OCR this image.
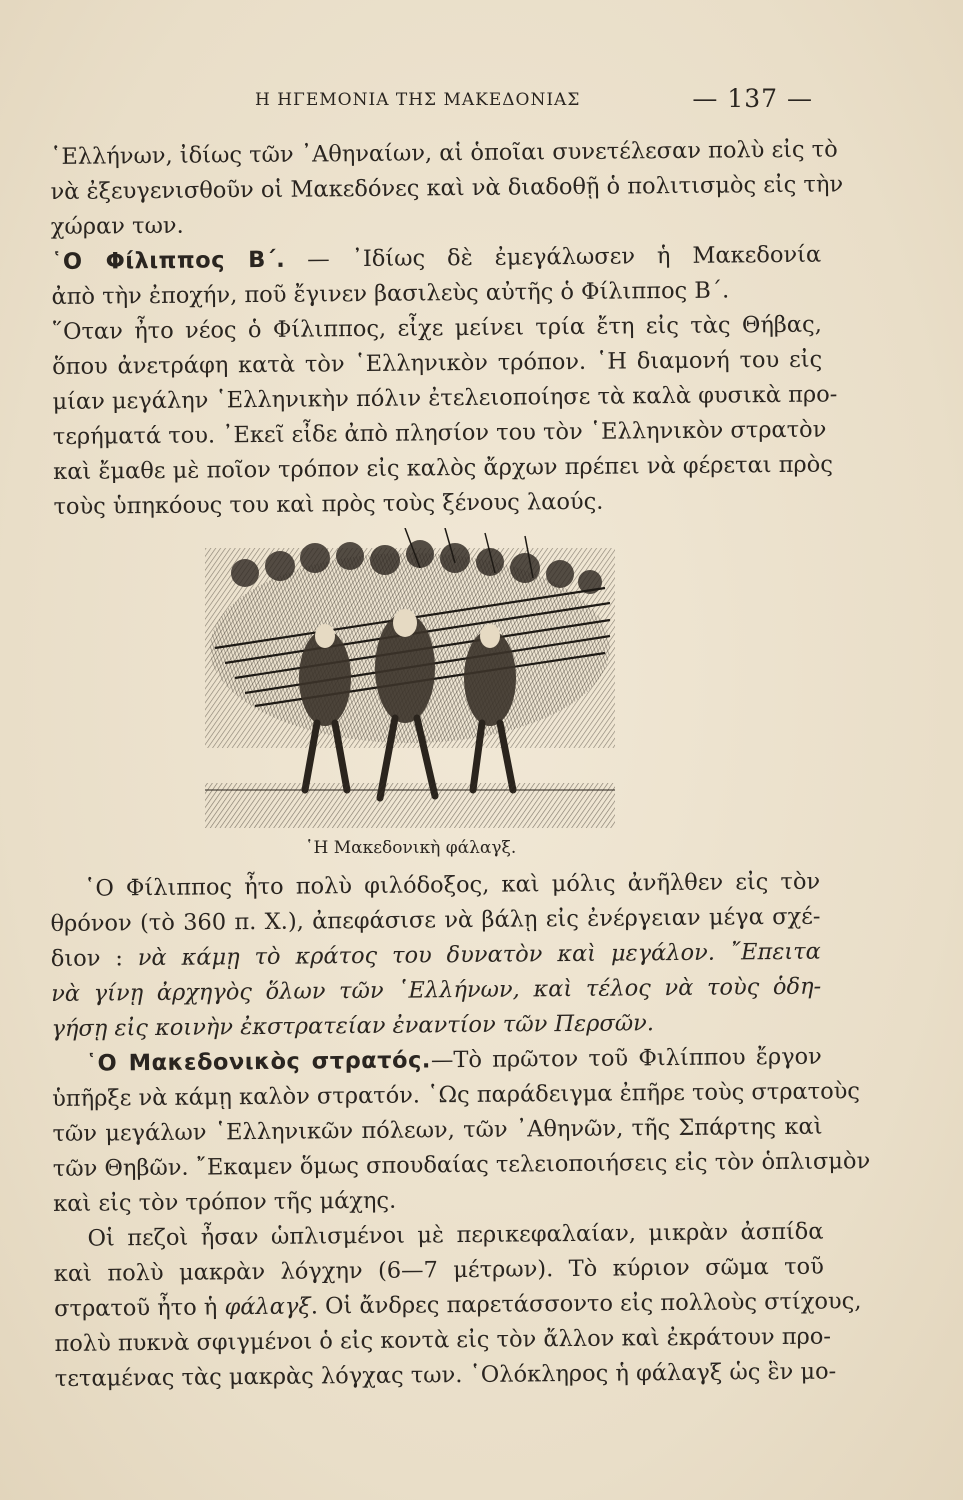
Η ΗΓΕΜΟΝΙΑ ΤΗΣ ΜΑΚΕΔΟΝΙΑΣ	— 137 —
῾Ελλήνων, ἰδίως τῶν ᾿Αθηναίων, αἱ ὁποῖαι συνετέλεσαν πολὺ εἰς τὸ
νὰ ἐξευγενισθοῦν οἱ Μακεδόνες καὶ νὰ διαδοθῇ ὁ πολιτισμὸς εἰς τὴν
χώραν των.
῾Ο Φίλιππος Β΄. — ᾿Ιδίως δὲ ἐμεγάλωσεν ἡ Μακεδονία
ἀπὸ τὴν ἐποχήν, ποῦ ἔγινεν βασιλεὺς αὐτῆς ὁ Φίλιππος Β΄.
῞Οταν ἦτο νέος ὁ Φίλιππος, εἶχε μείνει τρία ἔτη εἰς τὰς Θήβας,
ὅπου ἀνετράφη κατὰ τὸν ῾Ελληνικὸν τρόπον. ῾Η διαμονή του εἰς
μίαν μεγάλην ῾Ελληνικὴν πόλιν ἐτελειοποίησε τὰ καλὰ φυσικὰ προ-
τερήματά του. ᾿Εκεῖ εἶδε ἀπὸ πλησίον του τὸν ῾Ελληνικὸν στρατὸν
καὶ ἔμαθε μὲ ποῖον τρόπον εἰς καλὸς ἄρχων πρέπει νὰ φέρεται πρὸς
τοὺς ὑπηκόους του καὶ πρὸς τοὺς ξένους λαούς.
῾Η Μακεδονικὴ φάλαγξ.
῾Ο Φίλιππος ἦτο πολὺ φιλόδοξος, καὶ μόλις ἀνῆλθεν εἰς τὸν
θρόνον (τὸ 360 π. Χ.), ἀπεφάσισε νὰ βάλῃ εἰς ἐνέργειαν μέγα σχέ-
διον : νὰ κάμῃ τὸ κράτος του δυνατὸν καὶ μεγάλον. ῎Επειτα
νὰ γίνῃ ἀρχηγὸς ὅλων τῶν ῾Ελλήνων, καὶ τέλος νὰ τοὺς ὁδη-
γήσῃ εἰς κοινὴν ἐκστρατείαν ἐναντίον τῶν Περσῶν.
῾Ο Μακεδονικὸς στρατός.—Τὸ πρῶτον τοῦ Φιλίππου ἔργον
ὑπῆρξε νὰ κάμῃ καλὸν στρατόν. ῾Ως παράδειγμα ἐπῆρε τοὺς στρατοὺς
τῶν μεγάλων ῾Ελληνικῶν πόλεων, τῶν ᾿Αθηνῶν, τῆς Σπάρτης καὶ
τῶν Θηβῶν. ῎Εκαμεν ὅμως σπουδαίας τελειοποιήσεις εἰς τὸν ὁπλισμὸν
καὶ εἰς τὸν τρόπον τῆς μάχης.
Οἱ πεζοὶ ἦσαν ὡπλισμένοι μὲ περικεφαλαίαν, μικρὰν ἀσπίδα
καὶ πολὺ μακρὰν λόγχην (6—7 μέτρων). Τὸ κύριον σῶμα τοῦ
στρατοῦ ἦτο ἡ φάλαγξ. Οἱ ἄνδρες παρετάσσοντο εἰς πολλοὺς στίχους,
πολὺ πυκνὰ σφιγμένοι ὁ εἰς κοντὰ εἰς τὸν ἄλλον καὶ ἐκράτουν προ-
τεταμένας τὰς μακρὰς λόγχας των. ῾Ολόκληρος ἡ φάλαγξ ὡς ἓν μο-
